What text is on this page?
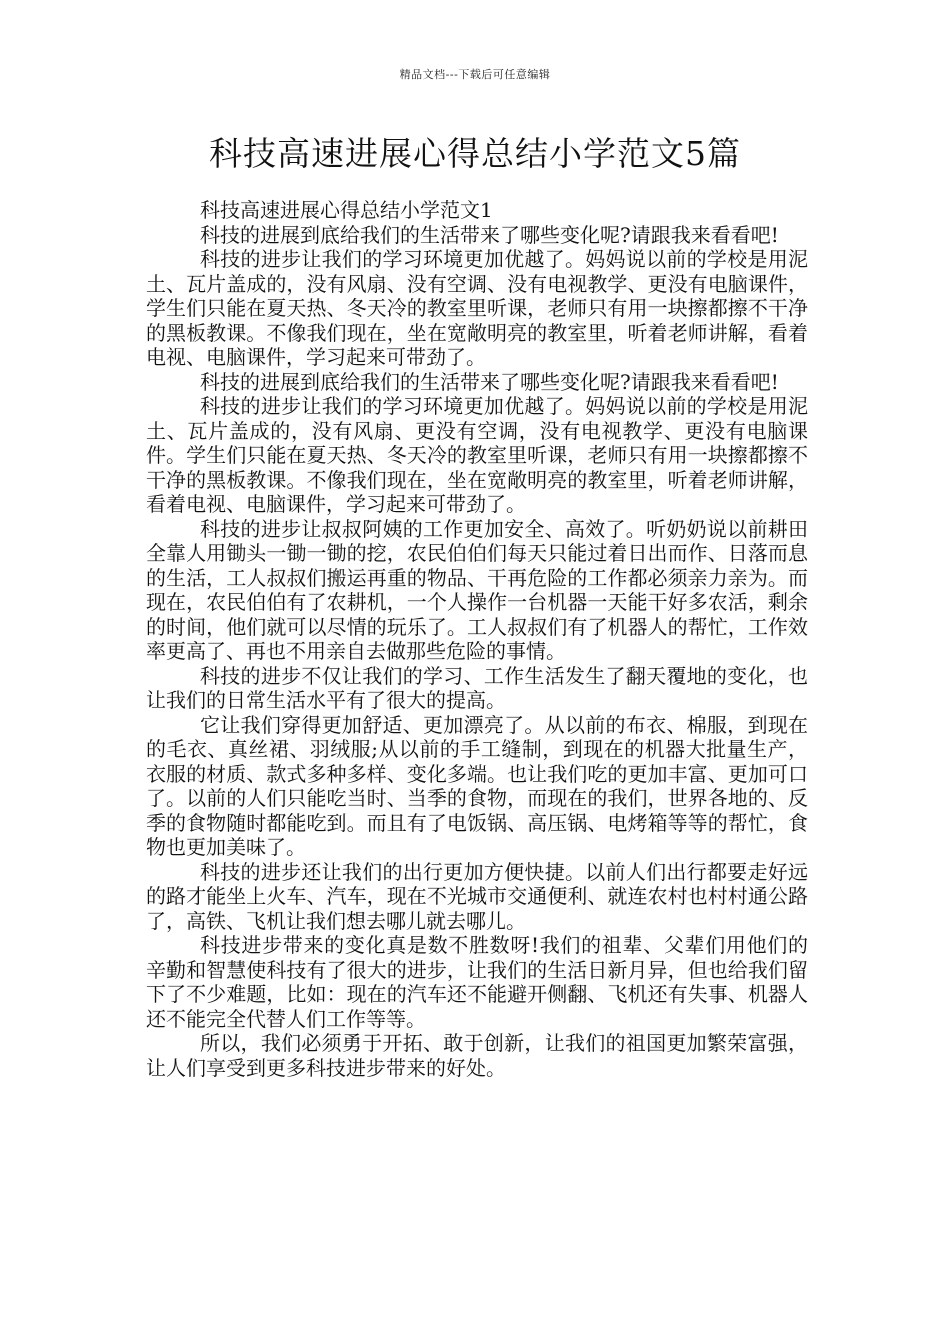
精品文档---下载后可任意编辑
科技高速进展心得总结小学范文5篇

科技高速进展心得总结小学范文1

科技的进展到底给我们的生活带来了哪些变化呢?请跟我来看看吧!

科技的进步让我们的学习环境更加优越了。妈妈说以前的学校是用泥土、瓦片盖成的，没有风扇、没有空调、没有电视教学、更没有电脑课件，学生们只能在夏天热、冬天冷的教室里听课，老师只有用一块擦都擦不干净的黑板教课。不像我们现在，坐在宽敞明亮的教室里，听着老师讲解，看着电视、电脑课件，学习起来可带劲了。

科技的进展到底给我们的生活带来了哪些变化呢?请跟我来看看吧!

科技的进步让我们的学习环境更加优越了。妈妈说以前的学校是用泥土、瓦片盖成的，没有风扇、更没有空调，没有电视教学、更没有电脑课件。学生们只能在夏天热、冬天冷的教室里听课，老师只有用一块擦都擦不干净的黑板教课。不像我们现在，坐在宽敞明亮的教室里，听着老师讲解，看着电视、电脑课件，学习起来可带劲了。

科技的进步让叔叔阿姨的工作更加安全、高效了。听奶奶说以前耕田全靠人用锄头一锄一锄的挖，农民伯伯们每天只能过着日出而作、日落而息的生活，工人叔叔们搬运再重的物品、干再危险的工作都必须亲力亲为。而现在，农民伯伯有了农耕机，一个人操作一台机器一天能干好多农活，剩余的时间，他们就可以尽情的玩乐了。工人叔叔们有了机器人的帮忙，工作效率更高了、再也不用亲自去做那些危险的事情。

科技的进步不仅让我们的学习、工作生活发生了翻天覆地的变化，也让我们的日常生活水平有了很大的提高。

它让我们穿得更加舒适、更加漂亮了。从以前的布衣、棉服，到现在的毛衣、真丝裙、羽绒服;从以前的手工缝制，到现在的机器大批量生产，衣服的材质、款式多种多样、变化多端。也让我们吃的更加丰富、更加可口了。以前的人们只能吃当时、当季的食物，而现在的我们，世界各地的、反季的食物随时都能吃到。而且有了电饭锅、高压锅、电烤箱等等的帮忙，食物也更加美味了。

科技的进步还让我们的出行更加方便快捷。以前人们出行都要走好远的路才能坐上火车、汽车，现在不光城市交通便利、就连农村也村村通公路了，高铁、飞机让我们想去哪儿就去哪儿。

科技进步带来的变化真是数不胜数呀!我们的祖辈、父辈们用他们的辛勤和智慧使科技有了很大的进步，让我们的生活日新月异，但也给我们留下了不少难题，比如：现在的汽车还不能避开侧翻、飞机还有失事、机器人还不能完全代替人们工作等等。

所以，我们必须勇于开拓、敢于创新，让我们的祖国更加繁荣富强，让人们享受到更多科技进步带来的好处。
